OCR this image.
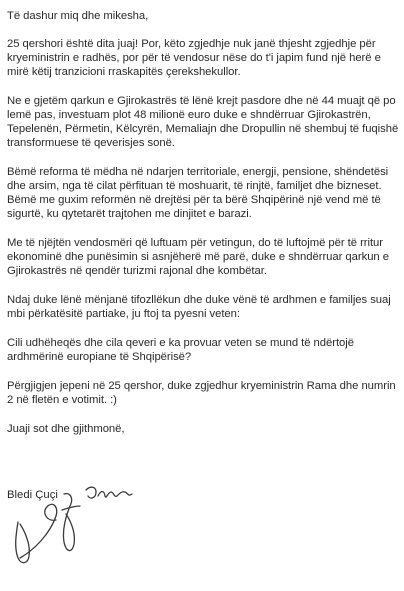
Të dashur miq dhe mikesha,

25 qershori është dita juaj! Por, këto zgjedhje nuk janë thjesht zgjedhje për kryeministrin e radhës, por për të vendosur nëse do t'i japim fund një herë e mirë këtij tranzicioni rraskapitës çerekshekullor.

Ne e gjetëm qarkun e Gjirokastrës të lënë krejt pasdore dhe në 44 muajt që po lemë pas, investuam plot 48 milionë euro duke e shndërruar Gjirokastrën, Tepelenën, Përmetin, Këlcyrën, Memaliajn dhe Dropullin në shembuj të fuqishë transformuese të qeverisjes sonë.

Bëmë reforma të mëdha në ndarjen territoriale, energji, pensione, shëndetësi dhe arsim, nga të cilat përfituan të moshuarit, të rinjtë, familjet dhe bizneset. Bëmë me guxim reformën në drejtësi për ta bërë Shqipërinë një vend më të sigurtë, ku qytetarët trajtohen me dinjitet e barazi.

Me të njëjtën vendosmëri që luftuam për vetingun, do të luftojmë për të rritur ekonominë dhe punësimin si asnjëherë më parë, duke e shndërruar qarkun e Gjirokastrës në qendër turizmi rajonal dhe kombëtar.

Ndaj duke lënë mënjanë tifozllëkun dhe duke vënë të ardhmen e familjes suaj mbi përkatësitë partiake, ju ftoj ta pyesni veten:

Cili udhëheqës dhe cila qeveri e ka provuar veten se mund të ndërtojë ardhmërinë europiane të Shqipërisë?

Përgjigjen jepeni në 25 qershor, duke zgjedhur kryeministrin Rama dhe numrin 2 në fletën e votimit. :)

Juaji sot dhe gjithmonë,

Bledi Çuçi
